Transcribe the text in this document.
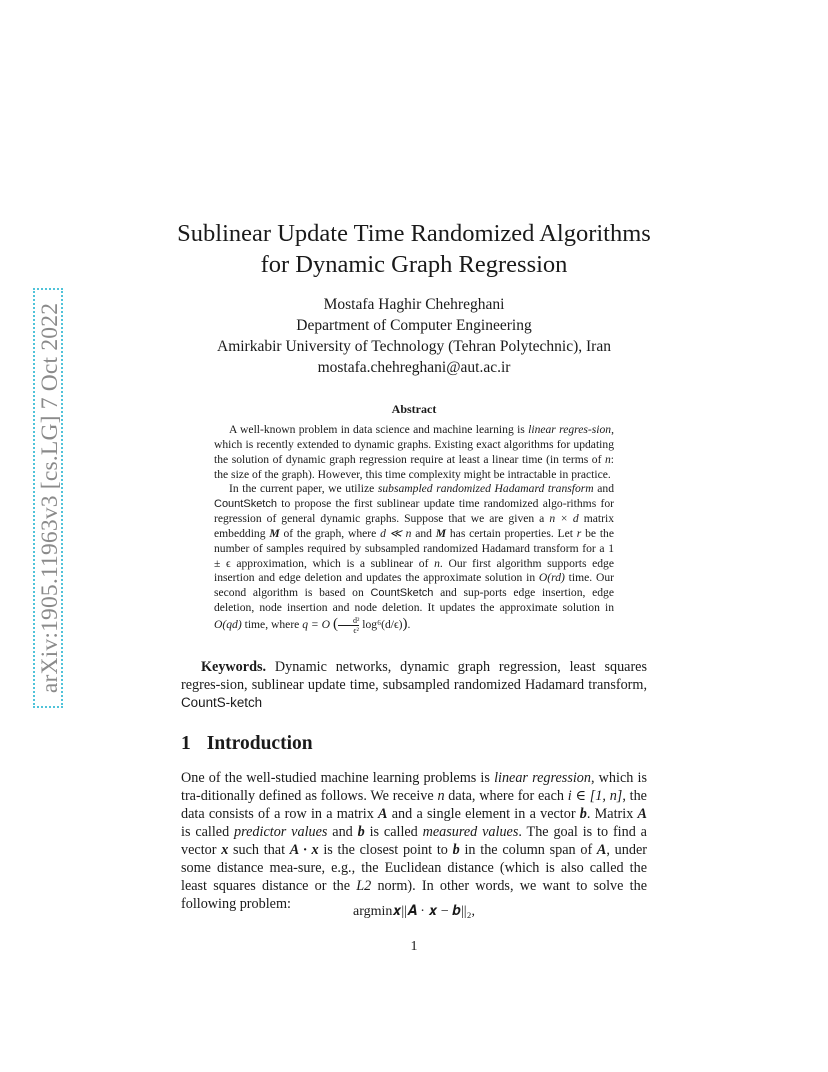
arXiv:1905.11963v3 [cs.LG] 7 Oct 2022
Sublinear Update Time Randomized Algorithms
for Dynamic Graph Regression
Mostafa Haghir Chehreghani
Department of Computer Engineering
Amirkabir University of Technology (Tehran Polytechnic), Iran
mostafa.chehreghani@aut.ac.ir
Abstract

A well-known problem in data science and machine learning is linear regres-sion, which is recently extended to dynamic graphs. Existing exact algorithms for updating the solution of dynamic graph regression require at least a linear time (in terms of n: the size of the graph). However, this time complexity might be intractable in practice.

In the current paper, we utilize subsampled randomized Hadamard transform and CountSketch to propose the first sublinear update time randomized algo-rithms for regression of general dynamic graphs. Suppose that we are given a n × d matrix embedding M of the graph, where d ≪ n and M has certain properties. Let r be the number of samples required by subsampled randomized Hadamard transform for a 1 ± ϵ approximation, which is a sublinear of n. Our first algorithm supports edge insertion and edge deletion and updates the approximate solution in O(rd) time. Our second algorithm is based on CountSketch and sup-ports edge insertion, edge deletion, node insertion and node deletion. It updates the approximate solution in O(qd) time, where q = O ( $\frac{\text{d²}}{\text{ϵ²}} \log^6(d/\epsilon)$).

Keywords. Dynamic networks, dynamic graph regression, least squares regres-sion, sublinear update time, subsampled randomized Hadamard transform, CountS-ketch
1 Introduction

One of the well-studied machine learning problems is linear regression, which is tra-ditionally defined as follows. We receive n data, where for each i ∈ [1, n], the data consists of a row in a matrix A and a single element in a vector b. Matrix A is called predictor values and b is called measured values. The goal is to find a vector x such that A · x is the closest point to b in the column span of A, under some distance mea-sure, e.g., the Euclidean distance (which is also called the least squares distance or the L2 norm). In other words, we want to solve the following problem:	argmin𝒙||𝑨 · 𝒙 − 𝒃||₂,
1
